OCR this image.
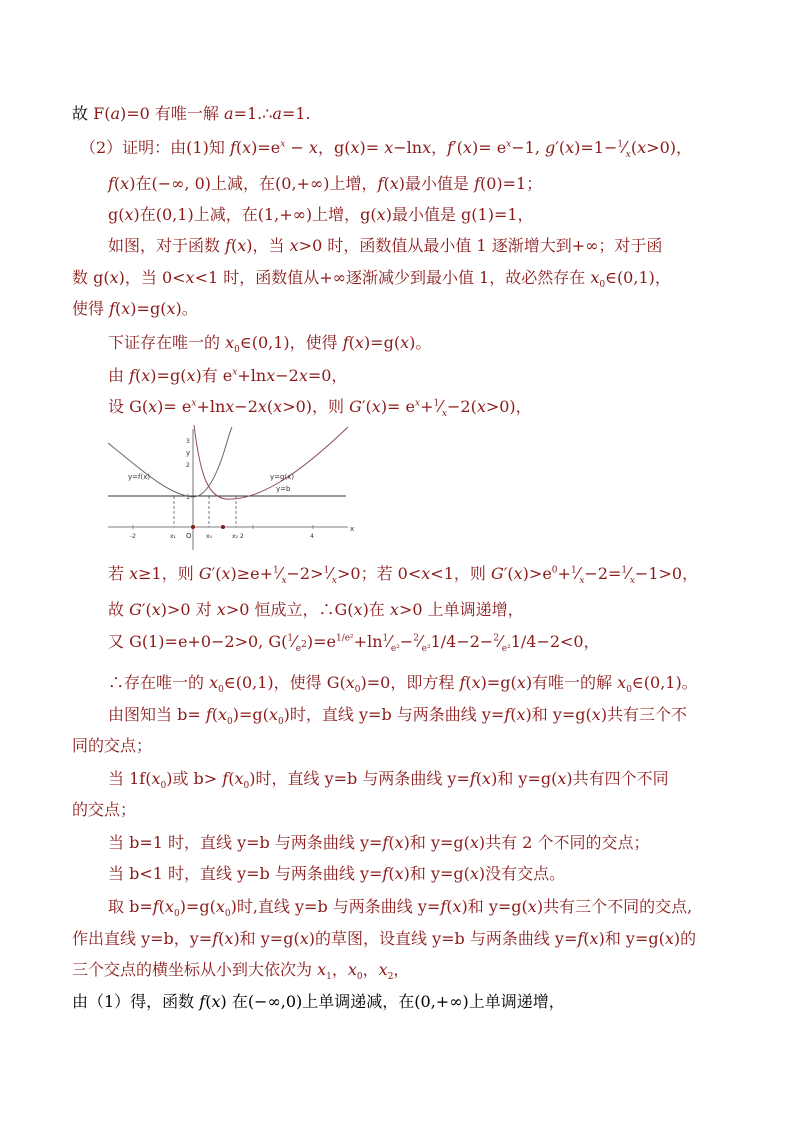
故 F(a)=0 有唯一解 a=1.∴a=1.
（2）证明：由(1)知 $f(x)=e^x - x$，g(x)= x−lnx，$f'(x)= e^x-1$, $g'(x)=1-^1⁄_x(x>0)$，
f(x)在(−∞, 0)上减，在(0,+∞)上增，f(x)最小值是 f(0)=1；
g(x)在(0,1)上减，在(1,+∞)上增，g(x)最小值是 g(1)=1，
如图，对于函数 f(x)，当 x>0 时，函数值从最小值 1 逐渐增大到+∞；对于函
数 g(x)，当 0<x<1 时，函数值从+∞逐渐减少到最小值 1，故必然存在 $x_0\in(0,1)$，
使得 f(x)=g(x)。
下证存在唯一的 $x_0\in(0,1)$，使得 f(x)=g(x)。
由 f(x)=g(x)有 $e^x+\ln x-2x=0$，
设 $G(x)= e^x+\ln x-2x(x>0)$，则 $G'(x)= e^x+^1⁄_x-2(x>0)$，
若 x≥1，则 $G'(x)\ge e+^1⁄_x-2>^1⁄_x>0$；若 0<x<1，则 $G'(x)>e^0+^1⁄_x-2=^1⁄_x-1>0$，
故 G′(x)>0 对 x>0 恒成立，∴G(x)在 x>0 上单调递增，
又 G(1)=e+0−2>0, $G(^1⁄_{e^2})=e^{1/e^2}+\ln^1⁄_{e^2}-^2⁄_{e^2}1/4-2-^2⁄_{e^2}1/4-2<0$，
∴存在唯一的 $x_0\in(0,1)$，使得 $G(x_0)=0$，即方程 f(x)=g(x)有唯一的解 $x_0\in(0,1)$。
由图知当 $b= f(x_0)=g(x_0)$时，直线 y=b 与两条曲线 y=f(x)和 y=g(x)共有三个不
同的交点；
当 $1f(x_0)$或 $b> f(x_0)$时，直线 y=b 与两条曲线 y=f(x)和 y=g(x)共有四个不同
的交点；
当 b=1 时，直线 y=b 与两条曲线 y=f(x)和 y=g(x)共有 2 个不同的交点；
当 b<1 时，直线 y=b 与两条曲线 y=f(x)和 y=g(x)没有交点。
取 $b=f(x_0)=g(x_0)$时,直线 y=b 与两条曲线 y=f(x)和 y=g(x)共有三个不同的交点,
作出直线 y=b，y=f(x)和 y=g(x)的草图，设直线 y=b 与两条曲线 y=f(x)和 y=g(x)的
三个交点的横坐标从小到大依次为 $x_1$，$x_0$，$x_2$，
由（1）得，函数 f(x) 在(−∞,0)上单调递减，在(0,+∞)上单调递增，
y=f(x)	y=g(x)
y=b
y
x
O
-2	x₁	x₀	x₂ 2	4
3
2
1
